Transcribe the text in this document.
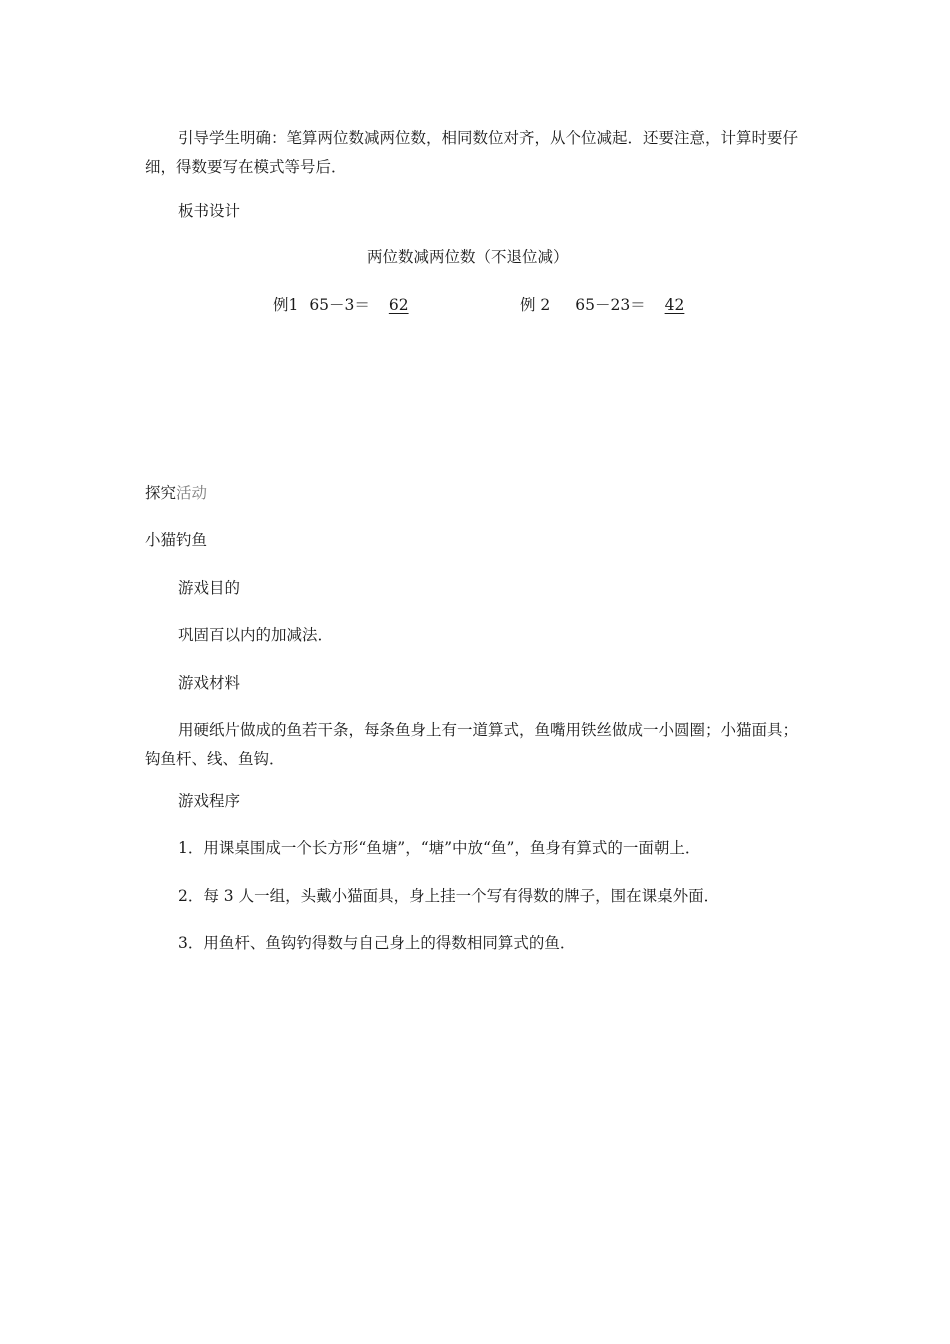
引导学生明确：笔算两位数减两位数，相同数位对齐，从个位减起．还要注意，计算时要仔细，得数要写在模式等号后．

板书设计
两位数减两位数（不退位减）
例1 65－3＝ 62	例 2 65－23＝ 42
探究活动
小猫钓鱼
游戏目的
巩固百以内的加减法．
游戏材料

用硬纸片做成的鱼若干条，每条鱼身上有一道算式，鱼嘴用铁丝做成一小圆圈；小猫面具；钩鱼杆、线、鱼钩．

游戏程序
1．用课桌围成一个长方形“鱼塘”，“塘”中放“鱼”，鱼身有算式的一面朝上．
2．每 3 人一组，头戴小猫面具，身上挂一个写有得数的牌子，围在课桌外面．
3．用鱼杆、鱼钩钓得数与自己身上的得数相同算式的鱼．
